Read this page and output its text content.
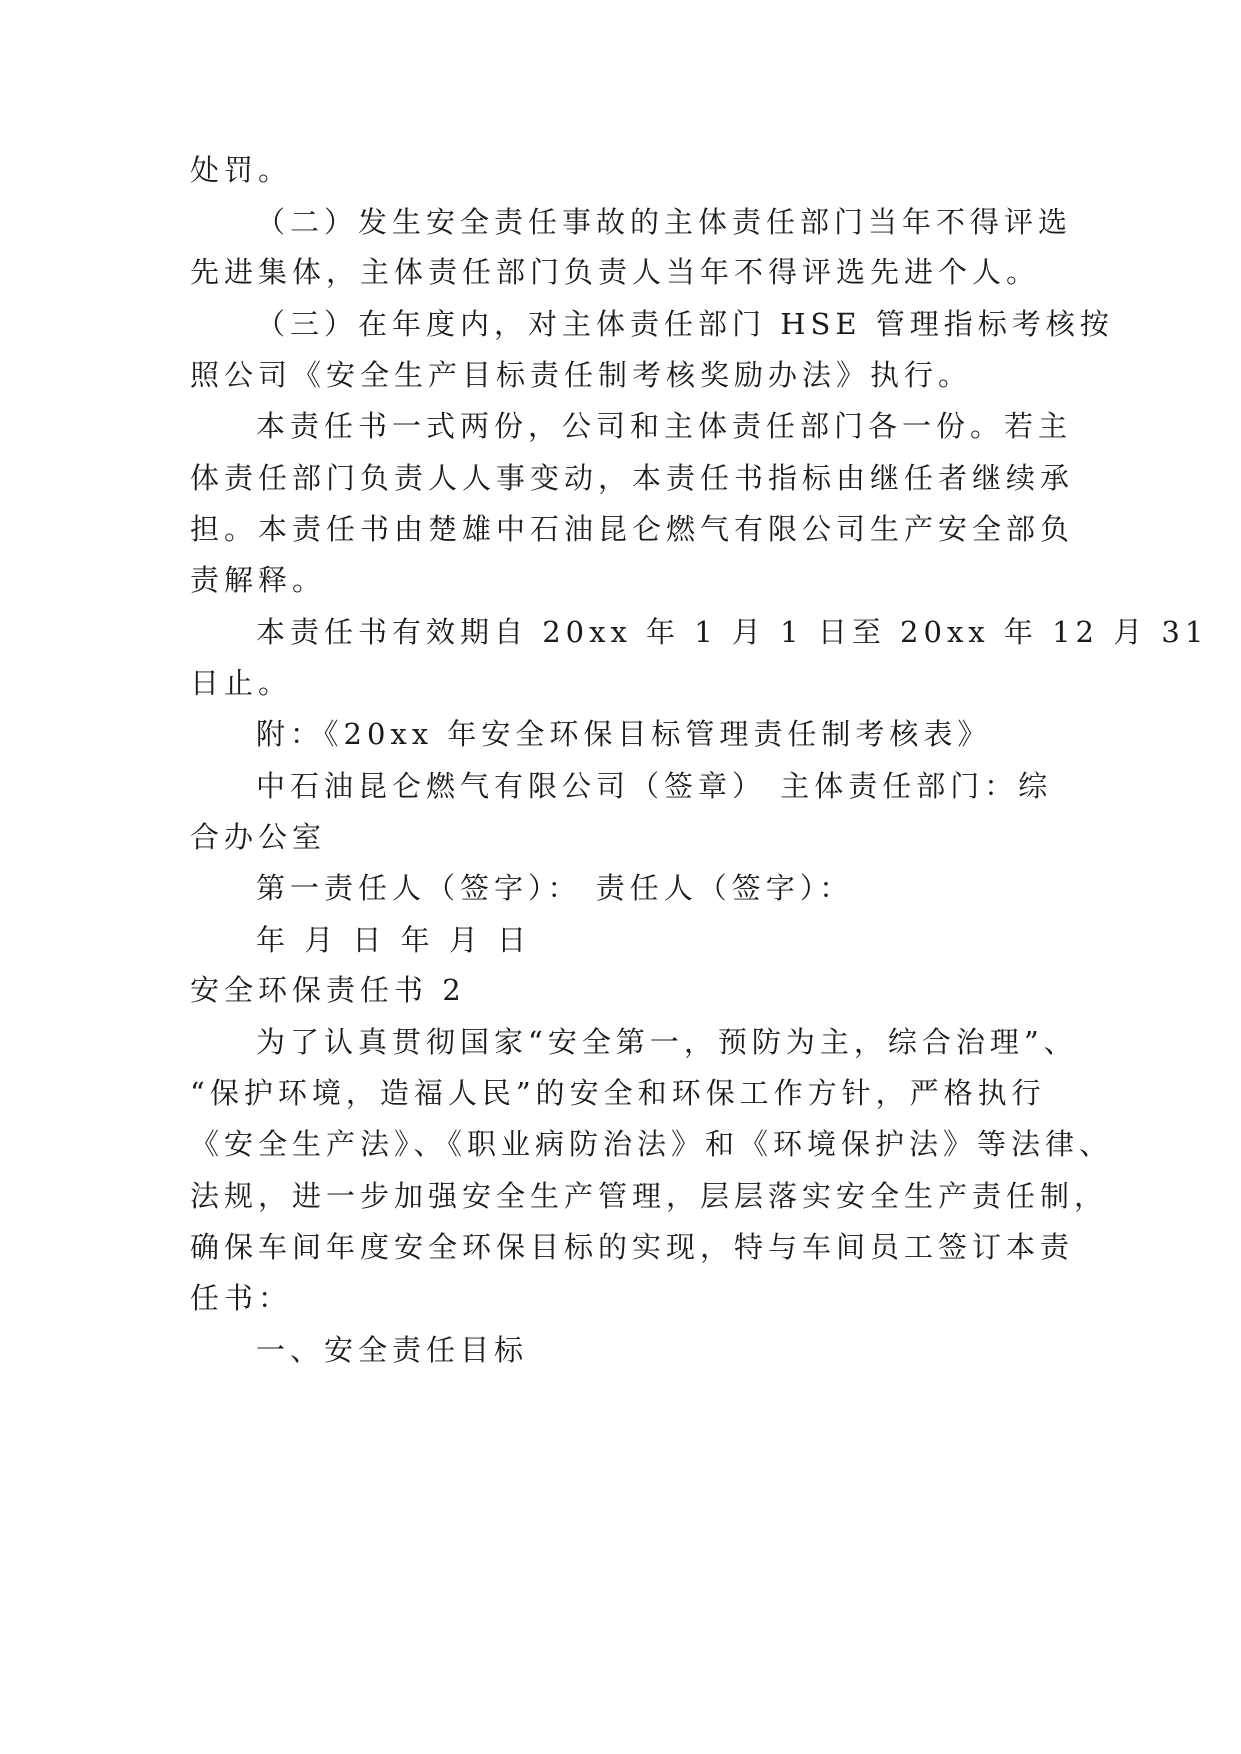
处罚。
（二）发生安全责任事故的主体责任部门当年不得评选
先进集体，主体责任部门负责人当年不得评选先进个人。
（三）在年度内，对主体责任部门 HSE 管理指标考核按
照公司《安全生产目标责任制考核奖励办法》执行。
本责任书一式两份，公司和主体责任部门各一份。若主
体责任部门负责人人事变动，本责任书指标由继任者继续承
担。本责任书由楚雄中石油昆仑燃气有限公司生产安全部负
责解释。
本责任书有效期自 20xx 年 1 月 1 日至 20xx 年 12 月 31
日止。
附：《20xx 年安全环保目标管理责任制考核表》
中石油昆仑燃气有限公司（签章） 主体责任部门：综
合办公室
第一责任人（签字）： 责任人（签字）：
年 月 日 年 月 日
安全环保责任书 2
为了认真贯彻国家“安全第一，预防为主，综合治理”、
“保护环境，造福人民”的安全和环保工作方针，严格执行
《安全生产法》、《职业病防治法》和《环境保护法》等法律、
法规，进一步加强安全生产管理，层层落实安全生产责任制，
确保车间年度安全环保目标的实现，特与车间员工签订本责
任书：
一、安全责任目标
